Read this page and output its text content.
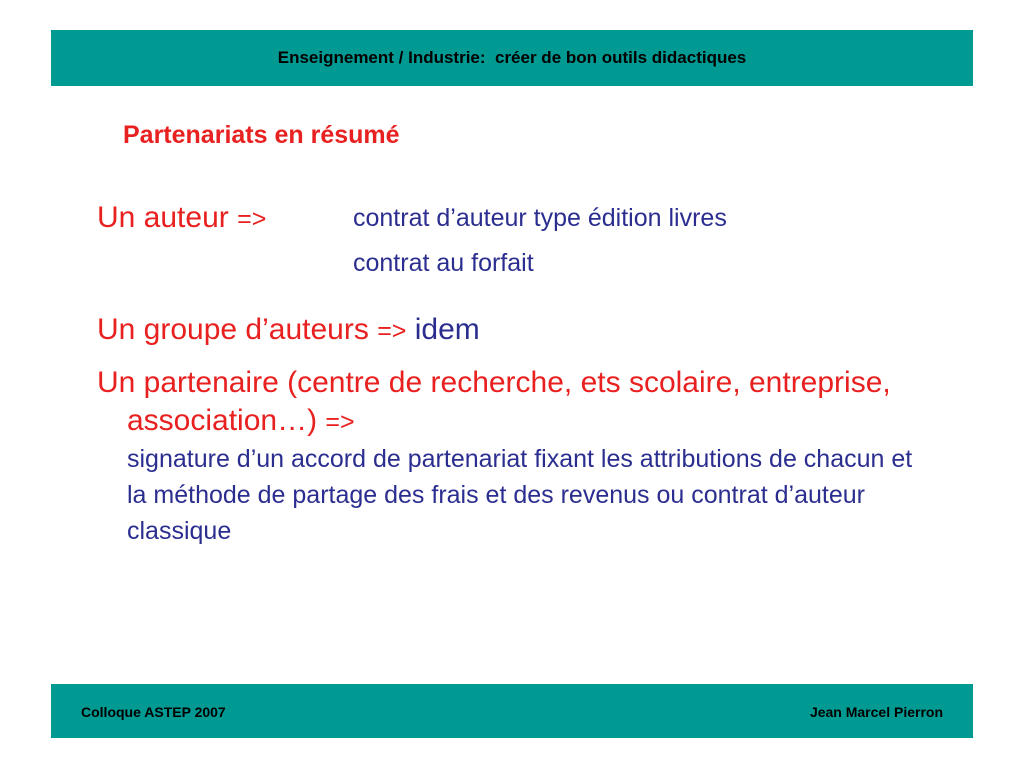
Enseignement / Industrie:  créer de bon outils didactiques
Partenariats en résumé
Un auteur =>	contrat d’auteur type édition livres
contrat au forfait
Un groupe d’auteurs => idem
Un partenaire (centre de recherche, ets scolaire, entreprise, association…) =>
signature d’un accord de partenariat fixant les attributions de chacun et la méthode de partage des frais et des revenus ou contrat d’auteur classique
Colloque ASTEP 2007	Jean Marcel Pierron
